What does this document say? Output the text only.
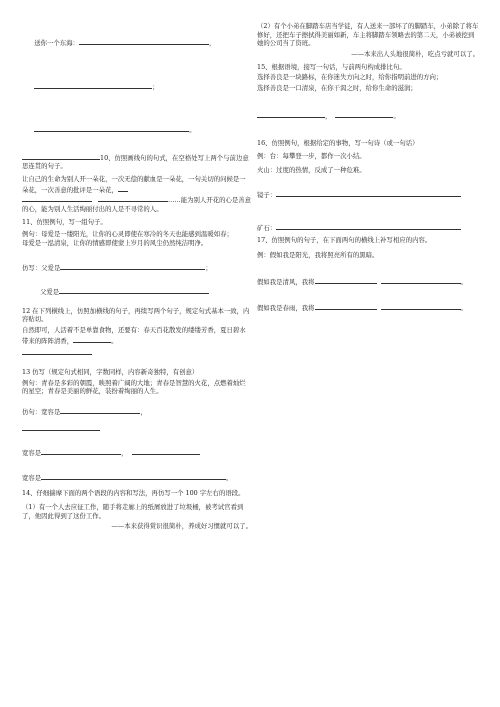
送你一个东海：	，

；

。

10、仿照画线句的句式，在空格处写上两个与前边意思连贯的句子。

让自己的生命为别人开一朵花，一次无偿的献血是一朵花，一句关切的问候是一朵花，一次善意的批评是一朵花，

……能为别人开花的心是善意的心，能为别人生活绚丽付出的人是不寻常的人。

11、仿照例句，写一组句子。

例句：母爱是一缕阳光，让你的心灵即使在寒冷的冬天也能感到温暖如春；

母爱是一泓清泉，让你的情感即使蒙上岁月的风尘仍然纯洁明净。

仿写：父爱是	；

父爱是

12 在下列横线上，仿照加横线的句子，再续写两个句子，规定句式基本一致，内容贴切。

自然即可，人活着不是单靠食物，还要有：春天百花散发的缕缕芳香，夏日碧水带来的阵阵清香，	。

13 仿写（规定句式相同，字数同样，内容新奇独特，有创意）

例句：青春是多彩的朝霞，映照着广阔的大地；青春是智慧的火花，点燃着灿烂的星空；青春是美丽的鲜花，装扮着绚丽的人生。

仿句：宽容是	，

宽容是	，

宽容是	。

14、仔细揣摩下面的两个语段的内容和写法，再仿写一个 100 字左右的语段。

（1）有一个人去应征工作，随手将走廊上的纸屑放进了垃圾桶，被考试官看到了，他因此得到了这份工作。

——本来获得赏识很简朴，养成好习惯就可以了。

（2）有个小弟在脚踏车店当学徒，有人送来一部坏了的脚踏车，小弟除了将车修好，还把车子擦拭得美丽如新，车主将脚踏车领略去的第二天，小弟被挖到她的公司当了资班。

——本来出人头地很简朴，吃点亏就可以了。

15、根据语境，接写一句话，与前两句构成排比句。

选择善良是一块路标，在你迷失方向之时，给你指明前进的方向；

选择善良是一口清泉，在你干渴之时，给你生命的滋润；

，	。

16、仿照例句，根据给定的事物，写一句诗（或一句话）

例：台：每攀登一步，都作一次小结。

火山：过度的热情，反成了一种危难。

镜子：

矿石：

17、仿照例句的句子，在下面两句的横线上补写相应的内容。

例：假如我是阳光，我将照亮所有的黑暗。

假如我是清风，我将	。

假如我是春雨，我将	。
